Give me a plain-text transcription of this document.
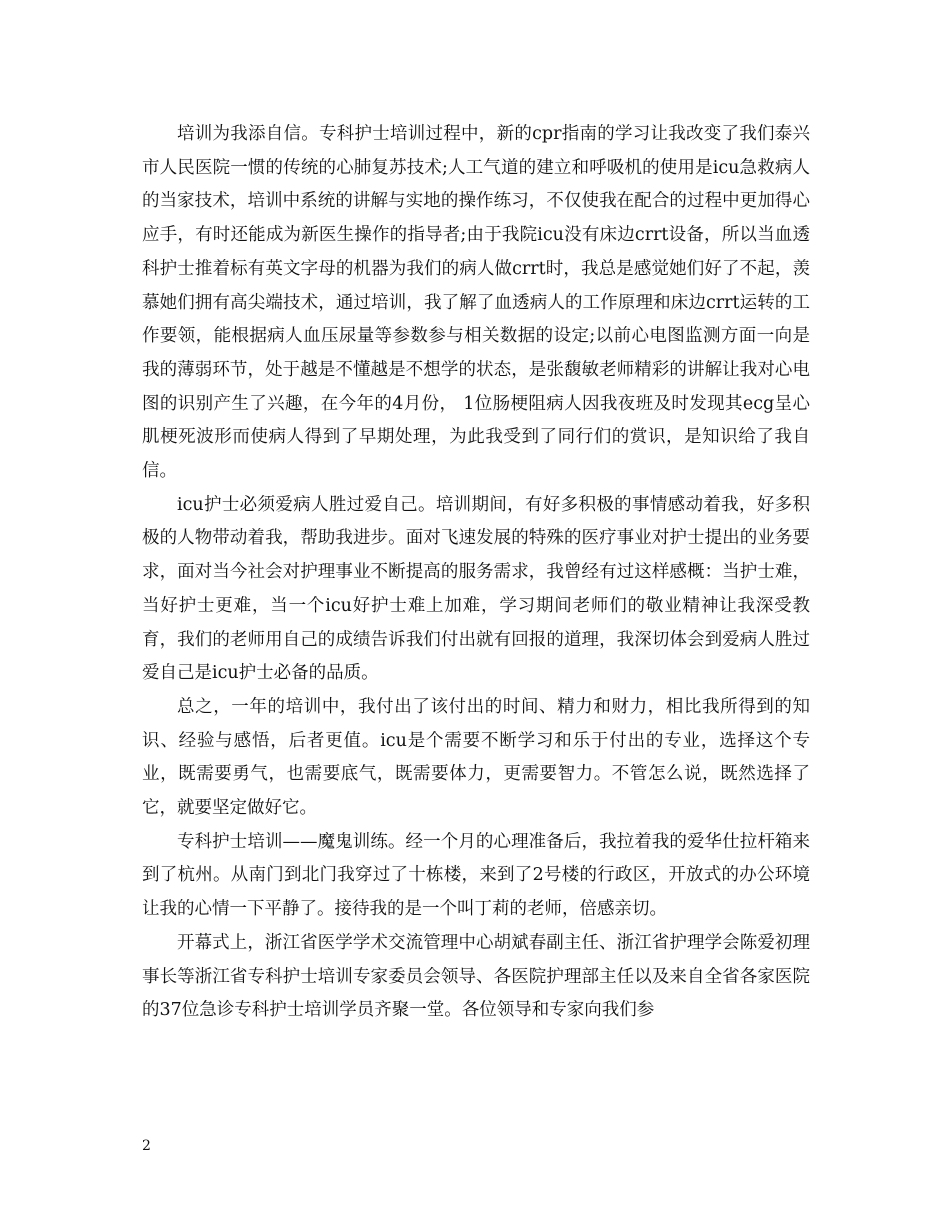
培训为我添自信。专科护士培训过程中，新的cpr指南的学习让我改变了我们泰兴市人民医院一惯的传统的心肺复苏技术;人工气道的建立和呼吸机的使用是icu急救病人的当家技术，培训中系统的讲解与实地的操作练习，不仅使我在配合的过程中更加得心应手，有时还能成为新医生操作的指导者;由于我院icu没有床边crrt设备，所以当血透科护士推着标有英文字母的机器为我们的病人做crrt时，我总是感觉她们好了不起，羡慕她们拥有高尖端技术，通过培训，我了解了血透病人的工作原理和床边crrt运转的工作要领，能根据病人血压尿量等参数参与相关数据的设定;以前心电图监测方面一向是我的薄弱环节，处于越是不懂越是不想学的状态，是张馥敏老师精彩的讲解让我对心电图的识别产生了兴趣，在今年的4月份， 1位肠梗阻病人因我夜班及时发现其ecg呈心肌梗死波形而使病人得到了早期处理，为此我受到了同行们的赏识，是知识给了我自信。

icu护士必须爱病人胜过爱自己。培训期间，有好多积极的事情感动着我，好多积极的人物带动着我，帮助我进步。面对飞速发展的特殊的医疗事业对护士提出的业务要求，面对当今社会对护理事业不断提高的服务需求，我曾经有过这样感概：当护士难，当好护士更难，当一个icu好护士难上加难，学习期间老师们的敬业精神让我深受教育，我们的老师用自己的成绩告诉我们付出就有回报的道理，我深切体会到爱病人胜过爱自己是icu护士必备的品质。

总之，一年的培训中，我付出了该付出的时间、精力和财力，相比我所得到的知识、经验与感悟，后者更值。icu是个需要不断学习和乐于付出的专业，选择这个专业，既需要勇气，也需要底气，既需要体力，更需要智力。不管怎么说，既然选择了它，就要坚定做好它。

专科护士培训——魔鬼训练。经一个月的心理准备后，我拉着我的爱华仕拉杆箱来到了杭州。从南门到北门我穿过了十栋楼，来到了2号楼的行政区，开放式的办公环境让我的心情一下平静了。接待我的是一个叫丁莉的老师，倍感亲切。

开幕式上，浙江省医学学术交流管理中心胡斌春副主任、浙江省护理学会陈爱初理事长等浙江省专科护士培训专家委员会领导、各医院护理部主任以及来自全省各家医院的37位急诊专科护士培训学员齐聚一堂。各位领导和专家向我们参

2
